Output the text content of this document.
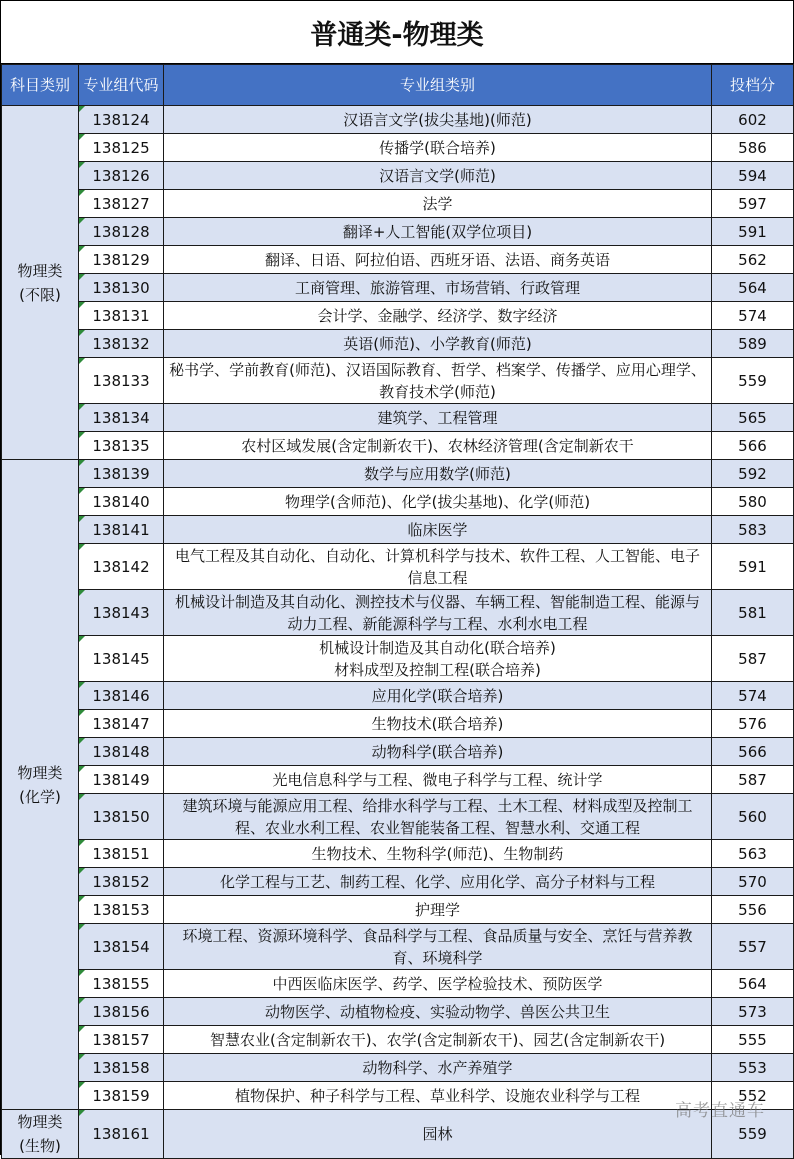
普通类-物理类
科目类别	专业组代码	专业组类别	投档分
物理类
(不限)	138124	汉语言文学(拔尖基地)(师范)	602
	138125	传播学(联合培养)	586
	138126	汉语言文学(师范)	594
	138127	法学	597
	138128	翻译+人工智能(双学位项目)	591
	138129	翻译、日语、阿拉伯语、西班牙语、法语、商务英语	562
	138130	工商管理、旅游管理、市场营销、行政管理	564
	138131	会计学、金融学、经济学、数字经济	574
	138132	英语(师范)、小学教育(师范)	589
	138133	秘书学、学前教育(师范)、汉语国际教育、哲学、档案学、传播学、应用心理学、教育技术学(师范)	559
	138134	建筑学、工程管理	565
	138135	农村区域发展(含定制新农干)、农林经济管理(含定制新农干	566
物理类
(化学)	138139	数学与应用数学(师范)	592
	138140	物理学(含师范)、化学(拔尖基地)、化学(师范)	580
	138141	临床医学	583
	138142	电气工程及其自动化、自动化、计算机科学与技术、软件工程、人工智能、电子信息工程	591
	138143	机械设计制造及其自动化、测控技术与仪器、车辆工程、智能制造工程、能源与动力工程、新能源科学与工程、水利水电工程	581
	138145	机械设计制造及其自动化(联合培养)
材料成型及控制工程(联合培养)	587
	138146	应用化学(联合培养)	574
	138147	生物技术(联合培养)	576
	138148	动物科学(联合培养)	566
	138149	光电信息科学与工程、微电子科学与工程、统计学	587
	138150	建筑环境与能源应用工程、给排水科学与工程、土木工程、材料成型及控制工程、农业水利工程、农业智能装备工程、智慧水利、交通工程	560
	138151	生物技术、生物科学(师范)、生物制药	563
	138152	化学工程与工艺、制药工程、化学、应用化学、高分子材料与工程	570
	138153	护理学	556
	138154	环境工程、资源环境科学、食品科学与工程、食品质量与安全、烹饪与营养教育、环境科学	557
	138155	中西医临床医学、药学、医学检验技术、预防医学	564
	138156	动物医学、动植物检疫、实验动物学、兽医公共卫生	573
	138157	智慧农业(含定制新农干)、农学(含定制新农干)、园艺(含定制新农干)	555
	138158	动物科学、水产养殖学	553
	138159	植物保护、种子科学与工程、草业科学、设施农业科学与工程	552
物理类
(生物)	138161	园林	559
高考直通车
